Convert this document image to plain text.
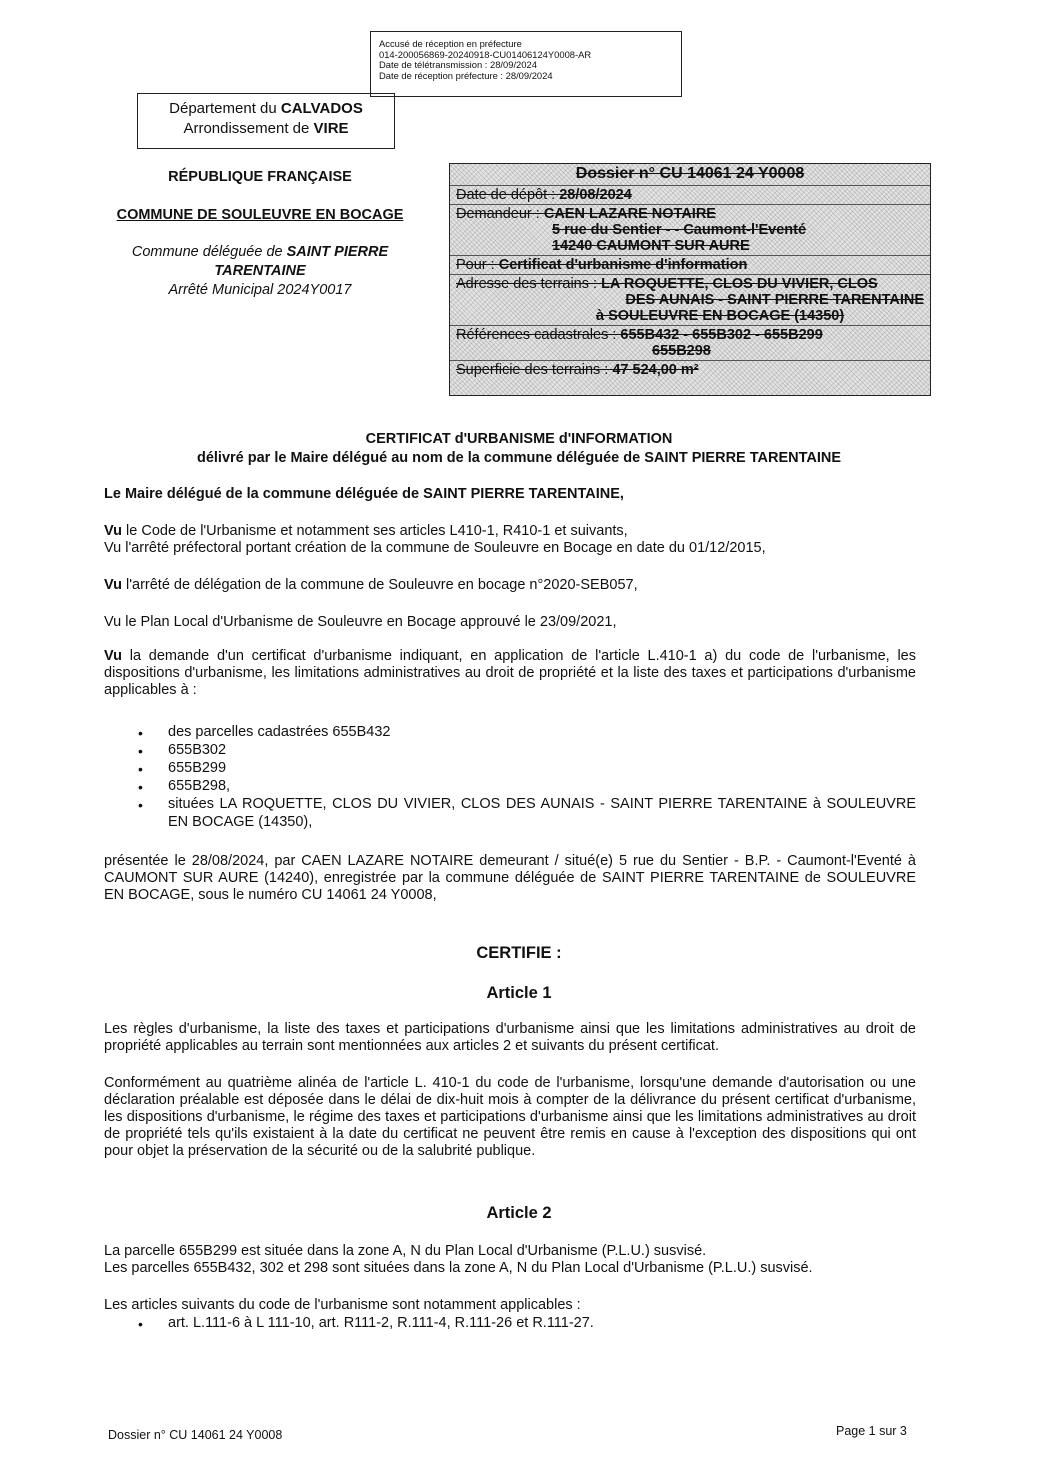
Accusé de réception en préfecture
014-200056869-20240918-CU01406124Y0008-AR
Date de télétransmission : 28/09/2024
Date de réception préfecture : 28/09/2024
Département du CALVADOS
Arrondissement de VIRE
RÉPUBLIQUE FRANÇAISE
COMMUNE DE SOULEUVRE EN BOCAGE
Commune déléguée de SAINT PIERRE TARENTAINE
Arrêté Municipal 2024Y0017
Dossier n° CU 14061 24 Y0008
Date de dépôt : 28/08/2024
Demandeur : CAEN LAZARE NOTAIRE
5 rue du Sentier - - Caumont-l'Eventé
14240 CAUMONT SUR AURE
Pour : Certificat d'urbanisme d'information
Adresse des terrains : LA ROQUETTE, CLOS DU VIVIER, CLOS
DES AUNAIS - SAINT PIERRE TARENTAINE
à SOULEUVRE EN BOCAGE (14350)
Références cadastrales : 655B432 - 655B302 - 655B299
655B298
Superficie des terrains : 47 524,00 m²
CERTIFICAT d'URBANISME d'INFORMATION
délivré par le Maire délégué au nom de la commune déléguée de SAINT PIERRE TARENTAINE
Le Maire délégué de la commune déléguée de SAINT PIERRE TARENTAINE,
Vu le Code de l'Urbanisme et notamment ses articles L410-1, R410-1 et suivants,
Vu l'arrêté préfectoral portant création de la commune de Souleuvre en Bocage en date du 01/12/2015,
Vu l'arrêté de délégation de la commune de Souleuvre en bocage n°2020-SEB057,
Vu le Plan Local d'Urbanisme de Souleuvre en Bocage approuvé le 23/09/2021,
Vu la demande d'un certificat d'urbanisme indiquant, en application de l'article L.410-1 a) du code de l'urbanisme, les dispositions d'urbanisme, les limitations administratives au droit de propriété et la liste des taxes et participations d'urbanisme applicables à :
• des parcelles cadastrées 655B432
• 655B302
• 655B299
• 655B298,
• situées LA ROQUETTE, CLOS DU VIVIER, CLOS DES AUNAIS - SAINT PIERRE TARENTAINE à SOULEUVRE EN BOCAGE (14350),
présentée le 28/08/2024, par CAEN LAZARE NOTAIRE demeurant / situé(e) 5 rue du Sentier - B.P. - Caumont-l'Eventé à CAUMONT SUR AURE (14240), enregistrée par la commune déléguée de SAINT PIERRE TARENTAINE de SOULEUVRE EN BOCAGE, sous le numéro CU 14061 24 Y0008,
CERTIFIE :
Article 1
Les règles d'urbanisme, la liste des taxes et participations d'urbanisme ainsi que les limitations administratives au droit de propriété applicables au terrain sont mentionnées aux articles 2 et suivants du présent certificat.
Conformément au quatrième alinéa de l'article L. 410-1 du code de l'urbanisme, lorsqu'une demande d'autorisation ou une déclaration préalable est déposée dans le délai de dix-huit mois à compter de la délivrance du présent certificat d'urbanisme, les dispositions d'urbanisme, le régime des taxes et participations d'urbanisme ainsi que les limitations administratives au droit de propriété tels qu'ils existaient à la date du certificat ne peuvent être remis en cause à l'exception des dispositions qui ont pour objet la préservation de la sécurité ou de la salubrité publique.
Article 2
La parcelle 655B299 est située dans la zone A, N du Plan Local d'Urbanisme (P.L.U.) susvisé.
Les parcelles 655B432, 302 et 298 sont situées dans la zone A, N du Plan Local d'Urbanisme (P.L.U.) susvisé.
Les articles suivants du code de l'urbanisme sont notamment applicables :
• art. L.111-6 à L 111-10, art. R111-2, R.111-4, R.111-26 et R.111-27.
Dossier n° CU 14061 24 Y0008	Page 1 sur 3
